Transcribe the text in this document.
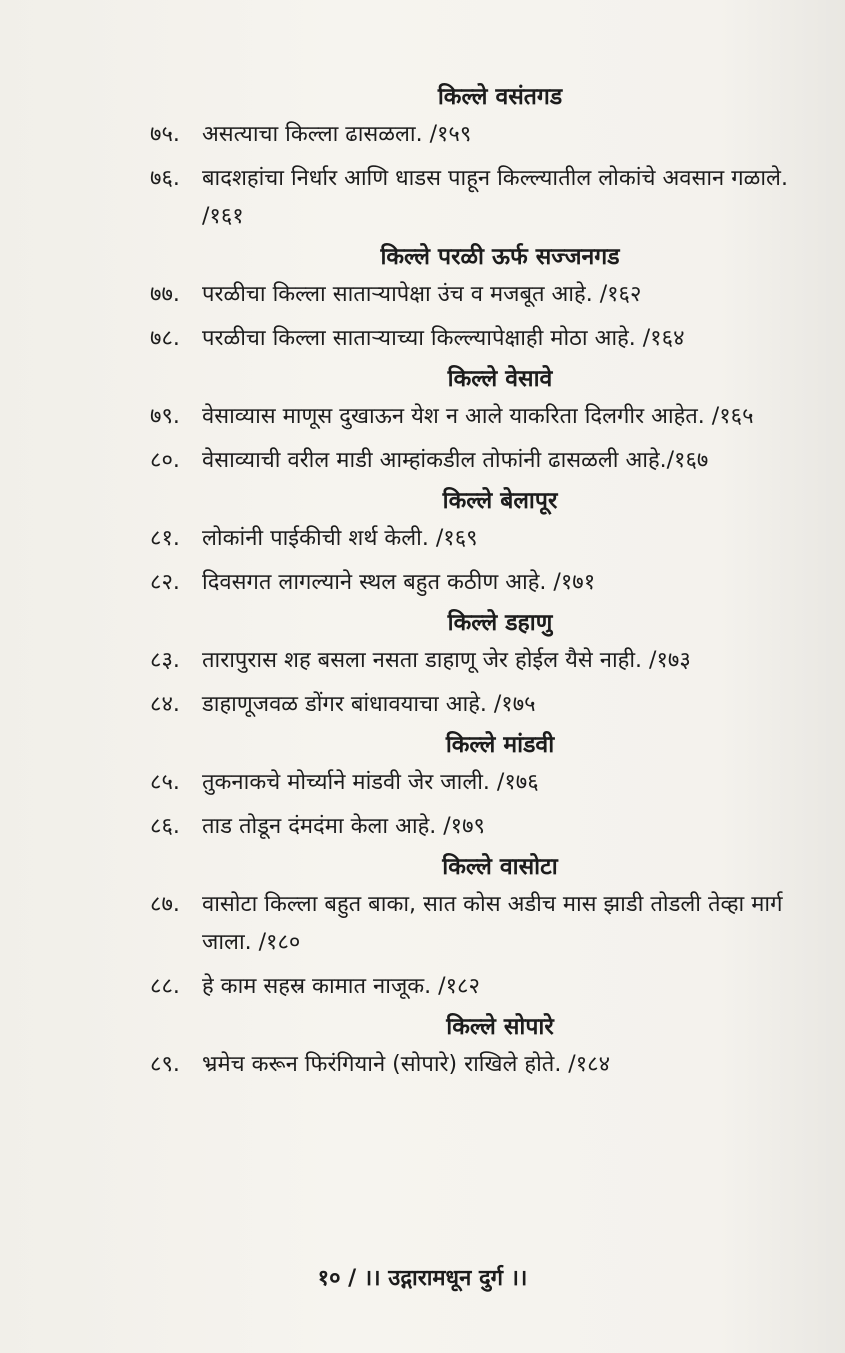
किल्ले वसंतगड
७५.	असत्याचा किल्ला ढासळला. /१५९
७६.	बादशहांचा निर्धार आणि धाडस पाहून किल्ल्यातील लोकांचे अवसान गळाले. /१६१
किल्ले परळी ऊर्फ सज्जनगड
७७.	परळीचा किल्ला साताऱ्यापेक्षा उंच व मजबूत आहे. /१६२
७८.	परळीचा किल्ला साताऱ्याच्या किल्ल्यापेक्षाही मोठा आहे. /१६४
किल्ले वेसावे
७९.	वेसाव्यास माणूस दुखाऊन येश न आले याकरिता दिलगीर आहेत. /१६५
८०.	वेसाव्याची वरील माडी आम्हांकडील तोफांनी ढासळली आहे./१६७
किल्ले बेलापूर
८१.	लोकांनी पाईकीची शर्थ केली. /१६९
८२.	दिवसगत लागल्याने स्थल बहुत कठीण आहे. /१७१
किल्ले डहाणु
८३.	तारापुरास शह बसला नसता डाहाणू जेर होईल यैसे नाही. /१७३
८४.	डाहाणूजवळ डोंगर बांधावयाचा आहे. /१७५
किल्ले मांडवी
८५.	तुकनाकचे मोर्च्याने मांडवी जेर जाली. /१७६
८६.	ताड तोडून दंमदंमा केला आहे. /१७९
किल्ले वासोटा
८७.	वासोटा किल्ला बहुत बाका, सात कोस अडीच मास झाडी तोडली तेव्हा मार्ग जाला. /१८०
८८.	हे काम सहस्र कामात नाजूक. /१८२
किल्ले सोपारे
८९.	भ्रमेच करून फिरंगियाने (सोपारे) राखिले होते. /१८४
१० / ।। उद्गारामधून दुर्ग ।।
